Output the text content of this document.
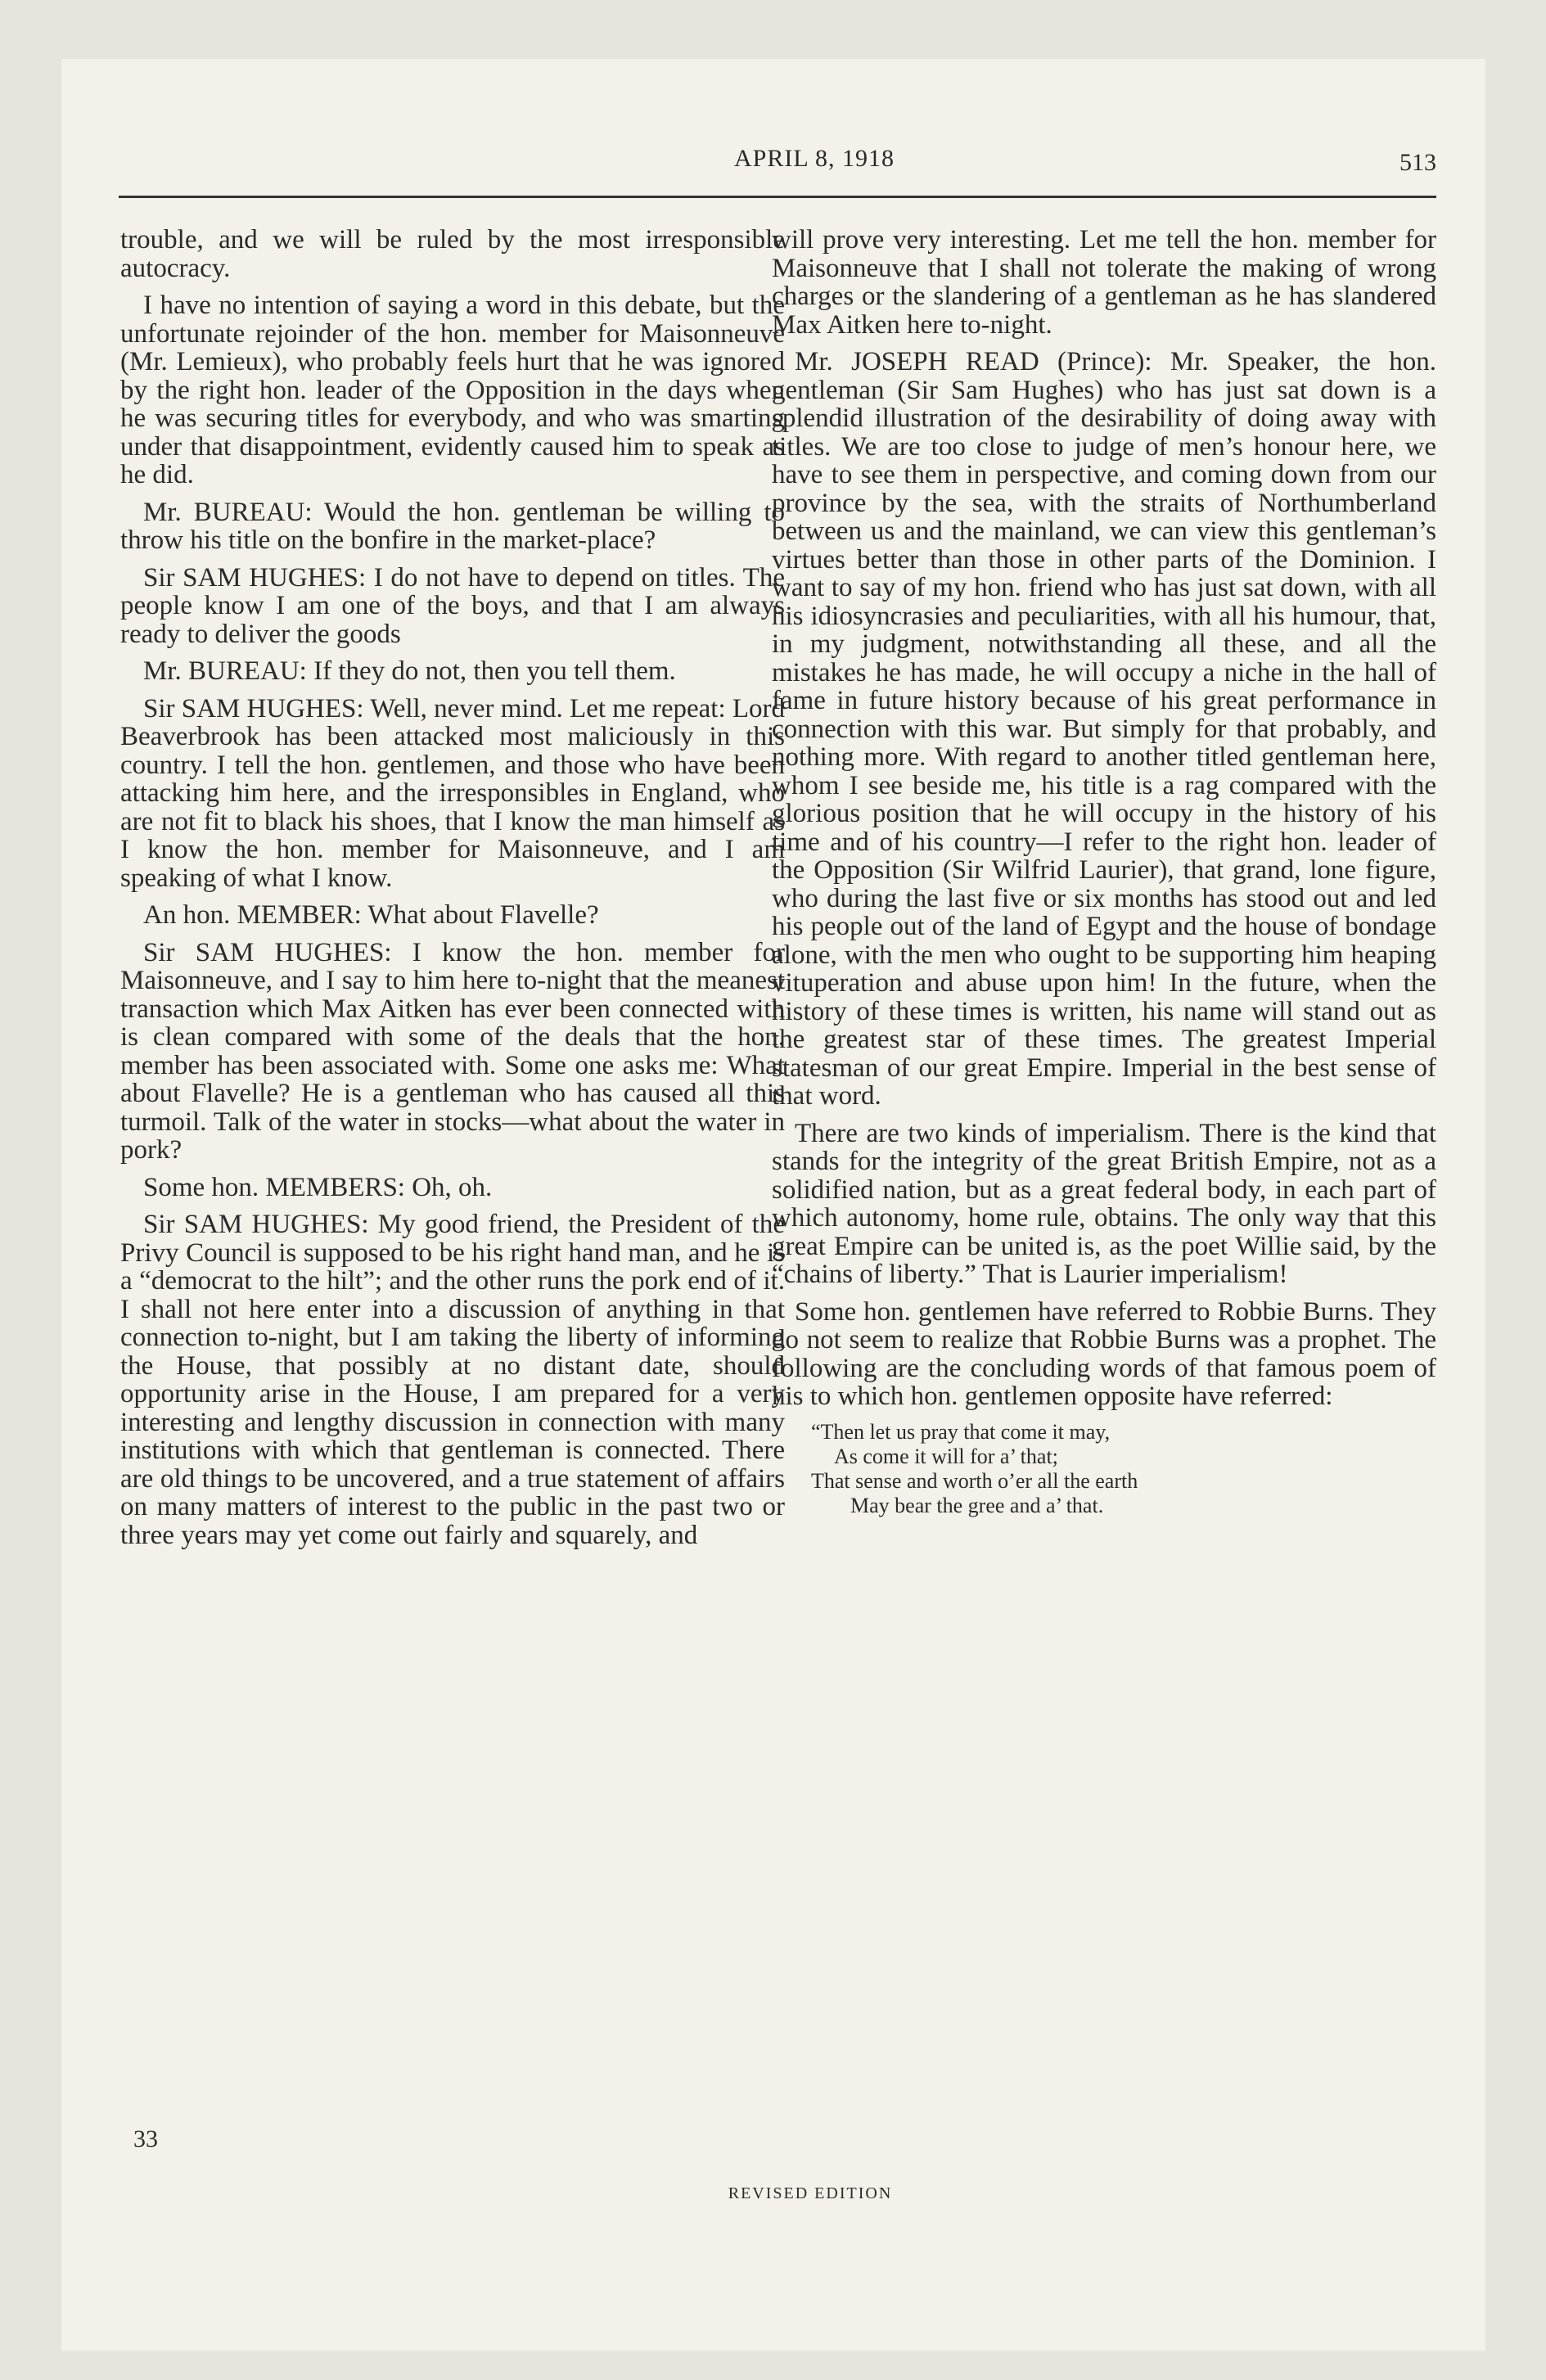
APRIL 8, 1918	513

trouble, and we will be ruled by the most irresponsible autocracy.

I have no intention of saying a word in this debate, but the unfortunate rejoinder of the hon. member for Maisonneuve (Mr. Lemieux), who probably feels hurt that he was ignored by the right hon. leader of the Opposition in the days when he was securing titles for everybody, and who was smarting under that disappointment, evidently caused him to speak as he did.

Mr. BUREAU: Would the hon. gentleman be willing to throw his title on the bonfire in the market-place?

Sir SAM HUGHES: I do not have to depend on titles. The people know I am one of the boys, and that I am always ready to deliver the goods

Mr. BUREAU: If they do not, then you tell them.

Sir SAM HUGHES: Well, never mind. Let me repeat: Lord Beaverbrook has been attacked most maliciously in this country. I tell the hon. gentlemen, and those who have been attacking him here, and the irresponsibles in England, who are not fit to black his shoes, that I know the man himself as I know the hon. member for Maisonneuve, and I am speaking of what I know.

An hon. MEMBER: What about Flavelle?

Sir SAM HUGHES: I know the hon. member for Maisonneuve, and I say to him here to-night that the meanest transaction which Max Aitken has ever been connected with is clean compared with some of the deals that the hon. member has been associated with. Some one asks me: What about Flavelle? He is a gentleman who has caused all this turmoil. Talk of the water in stocks—what about the water in pork?

Some hon. MEMBERS: Oh, oh.

Sir SAM HUGHES: My good friend, the President of the Privy Council is supposed to be his right hand man, and he is a “democrat to the hilt”; and the other runs the pork end of it. I shall not here enter into a discussion of anything in that connection to-night, but I am taking the liberty of informing the House, that possibly at no distant date, should opportunity arise in the House, I am prepared for a very interesting and lengthy discussion in connection with many institutions with which that gentleman is connected. There are old things to be uncovered, and a true statement of affairs on many matters of interest to the public in the past two or three years may yet come out fairly and squarely, and

will prove very interesting. Let me tell the hon. member for Maisonneuve that I shall not tolerate the making of wrong charges or the slandering of a gentleman as he has slandered Max Aitken here to-night.

Mr. JOSEPH READ (Prince): Mr. Speaker, the hon. gentleman (Sir Sam Hughes) who has just sat down is a splendid illustration of the desirability of doing away with titles. We are too close to judge of men’s honour here, we have to see them in perspective, and coming down from our province by the sea, with the straits of Northumberland between us and the mainland, we can view this gentleman’s virtues better than those in other parts of the Dominion. I want to say of my hon. friend who has just sat down, with all his idiosyncrasies and peculiarities, with all his humour, that, in my judgment, notwithstanding all these, and all the mistakes he has made, he will occupy a niche in the hall of fame in future history because of his great performance in connection with this war. But simply for that probably, and nothing more. With regard to another titled gentleman here, whom I see beside me, his title is a rag compared with the glorious position that he will occupy in the history of his time and of his country—I refer to the right hon. leader of the Opposition (Sir Wilfrid Laurier), that grand, lone figure, who during the last five or six months has stood out and led his people out of the land of Egypt and the house of bondage alone, with the men who ought to be supporting him heaping vituperation and abuse upon him! In the future, when the history of these times is written, his name will stand out as the greatest star of these times. The greatest Imperial statesman of our great Empire. Imperial in the best sense of that word.

There are two kinds of imperialism. There is the kind that stands for the integrity of the great British Empire, not as a solidified nation, but as a great federal body, in each part of which autonomy, home rule, obtains. The only way that this great Empire can be united is, as the poet Willie said, by the “chains of liberty.” That is Laurier imperialism!

Some hon. gentlemen have referred to Robbie Burns. They do not seem to realize that Robbie Burns was a prophet. The following are the concluding words of that famous poem of his to which hon. gentlemen opposite have referred:

“Then let us pray that come it may,
As come it will for a’ that;
That sense and worth o’er all the earth
May bear the gree and a’ that.
33
REVISED EDITION
